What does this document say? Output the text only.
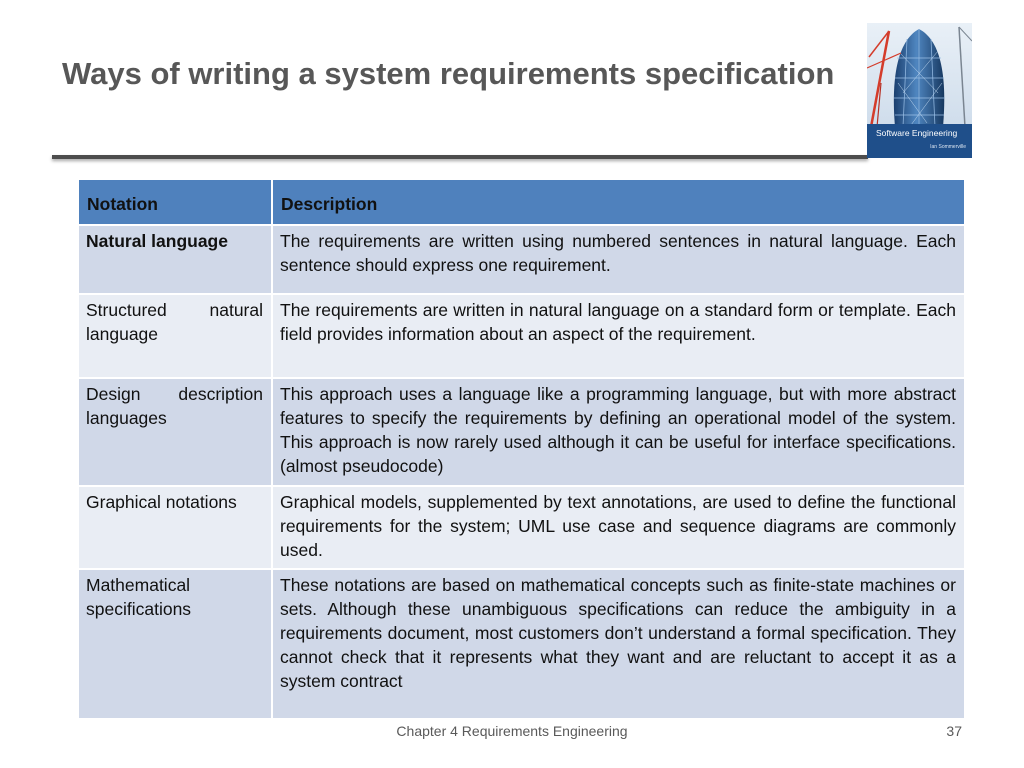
Ways of writing a system requirements specification
Software Engineering
Ian Sommerville
Notation	Description
Natural language	The requirements are written using numbered sentences in natural language. Each sentence should express one requirement.
Structured natural language	The requirements are written in natural language on a standard form or template. Each field provides information about an aspect of the requirement.
Design description languages	This approach uses a language like a programming language, but with more abstract features to specify the requirements by defining an operational model of the system. This approach is now rarely used although it can be useful for interface specifications. (almost pseudocode)
Graphical notations	Graphical models, supplemented by text annotations, are used to define the functional requirements for the system; UML use case and sequence diagrams are commonly used.
Mathematical specifications	These notations are based on mathematical concepts such as finite-state machines or sets. Although these unambiguous specifications can reduce the ambiguity in a requirements document, most customers don’t understand a formal specification. They cannot check that it represents what they want and are reluctant to accept it as a system contract
Chapter 4 Requirements Engineering	37
